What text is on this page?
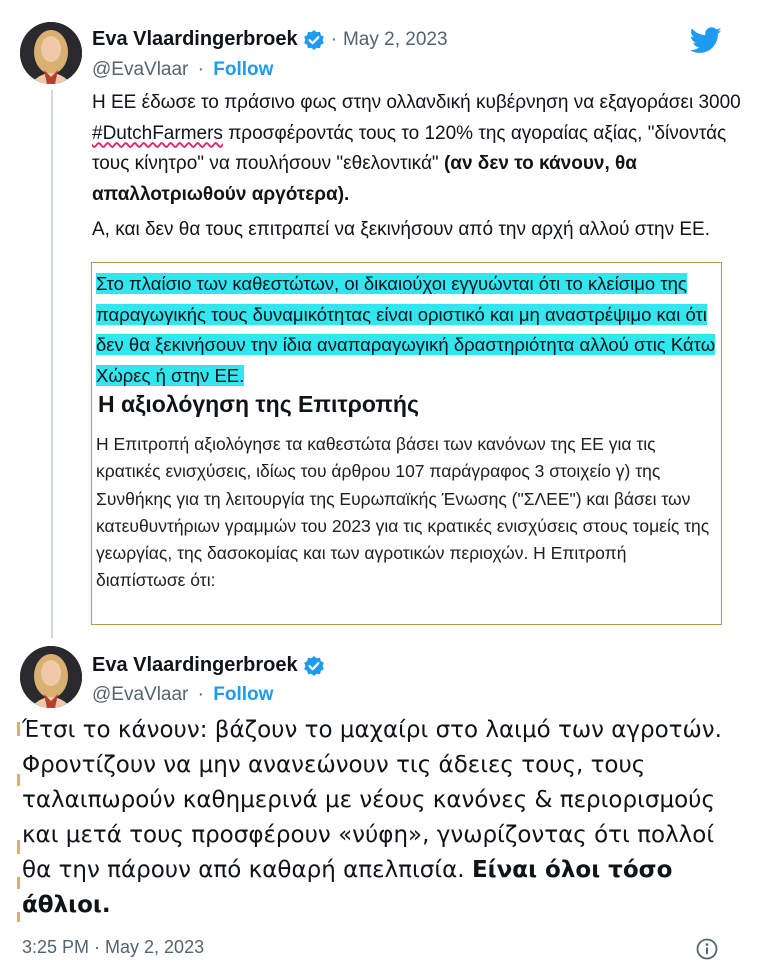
Eva Vlaardingerbroek · May 2, 2023
@EvaVlaar · Follow

Η ΕΕ έδωσε το πράσινο φως στην ολλανδική κυβέρνηση να εξαγοράσει 3000 #DutchFarmers προσφέροντάς τους το 120% της αγοραίας αξίας, "δίνοντάς τους κίνητρο" να πουλήσουν "εθελοντικά" (αν δεν το κάνουν, θα απαλλοτριωθούν αργότερα).

Α, και δεν θα τους επιτραπεί να ξεκινήσουν από την αρχή αλλού στην ΕΕ.

Στο πλαίσιο των καθεστώτων, οι δικαιούχοι εγγυώνται ότι το κλείσιμο της παραγωγικής τους δυναμικότητας είναι οριστικό και μη αναστρέψιμο και ότι δεν θα ξεκινήσουν την ίδια αναπαραγωγική δραστηριότητα αλλού στις Κάτω Χώρες ή στην ΕΕ.

Η αξιολόγηση της Επιτροπής

Η Επιτροπή αξιολόγησε τα καθεστώτα βάσει των κανόνων της ΕΕ για τις κρατικές ενισχύσεις, ιδίως του άρθρου 107 παράγραφος 3 στοιχείο γ) της Συνθήκης για τη λειτουργία της Ευρωπαϊκής Ένωσης ("ΣΛΕΕ") και βάσει των κατευθυντήριων γραμμών του 2023 για τις κρατικές ενισχύσεις στους τομείς της γεωργίας, της δασοκομίας και των αγροτικών περιοχών. Η Επιτροπή διαπίστωσε ότι:

Eva Vlaardingerbroek
@EvaVlaar · Follow

Έτσι το κάνουν: βάζουν το μαχαίρι στο λαιμό των αγροτών. Φροντίζουν να μην ανανεώνουν τις άδειες τους, τους ταλαιπωρούν καθημερινά με νέους κανόνες & περιορισμούς και μετά τους προσφέρουν «νύφη», γνωρίζοντας ότι πολλοί θα την πάρουν από καθαρή απελπισία. Είναι όλοι τόσο άθλιοι.

3:25 PM · May 2, 2023
